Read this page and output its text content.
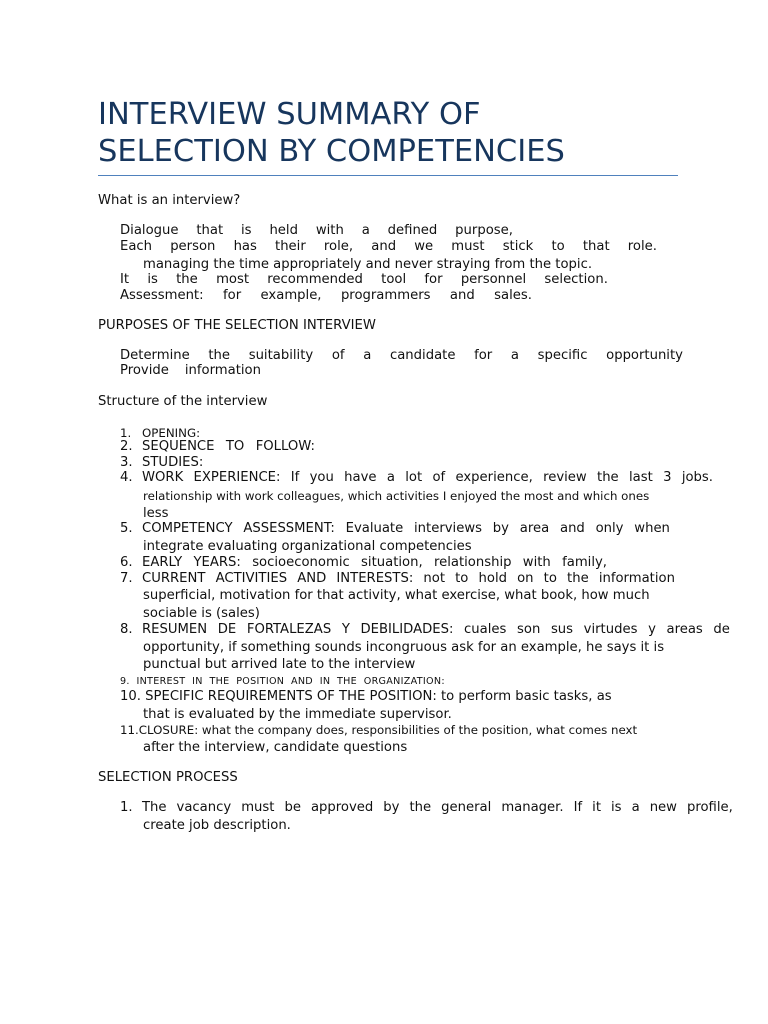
INTERVIEW SUMMARY OF
SELECTION BY COMPETENCIES
What is an interview?
Dialogue that is held with a defined purpose,
Each person has their role, and we must stick to that role.
managing the time appropriately and never straying from the topic.
It is the most recommended tool for personnel selection.
Assessment: for example, programmers and sales.
PURPOSES OF THE SELECTION INTERVIEW
Determine the suitability of a candidate for a specific opportunity
Provide information
Structure of the interview
1. OPENING:
2. SEQUENCE TO FOLLOW:
3. STUDIES:
4. WORK EXPERIENCE: If you have a lot of experience, review the last 3 jobs.
relationship with work colleagues, which activities I enjoyed the most and which ones
less
5. COMPETENCY ASSESSMENT: Evaluate interviews by area and only when
integrate evaluating organizational competencies
6. EARLY YEARS: socioeconomic situation, relationship with family,
7. CURRENT ACTIVITIES AND INTERESTS: not to hold on to the information
superficial, motivation for that activity, what exercise, what book, how much
sociable is (sales)
8. RESUMEN DE FORTALEZAS Y DEBILIDADES: cuales son sus virtudes y areas de
opportunity, if something sounds incongruous ask for an example, he says it is
punctual but arrived late to the interview
9.  INTEREST  IN  THE  POSITION  AND  IN  THE  ORGANIZATION:
10. SPECIFIC REQUIREMENTS OF THE POSITION: to perform basic tasks, as
that is evaluated by the immediate supervisor.
11.CLOSURE: what the company does, responsibilities of the position, what comes next
after the interview, candidate questions
SELECTION PROCESS
1. The vacancy must be approved by the general manager. If it is a new profile,
create job description.
